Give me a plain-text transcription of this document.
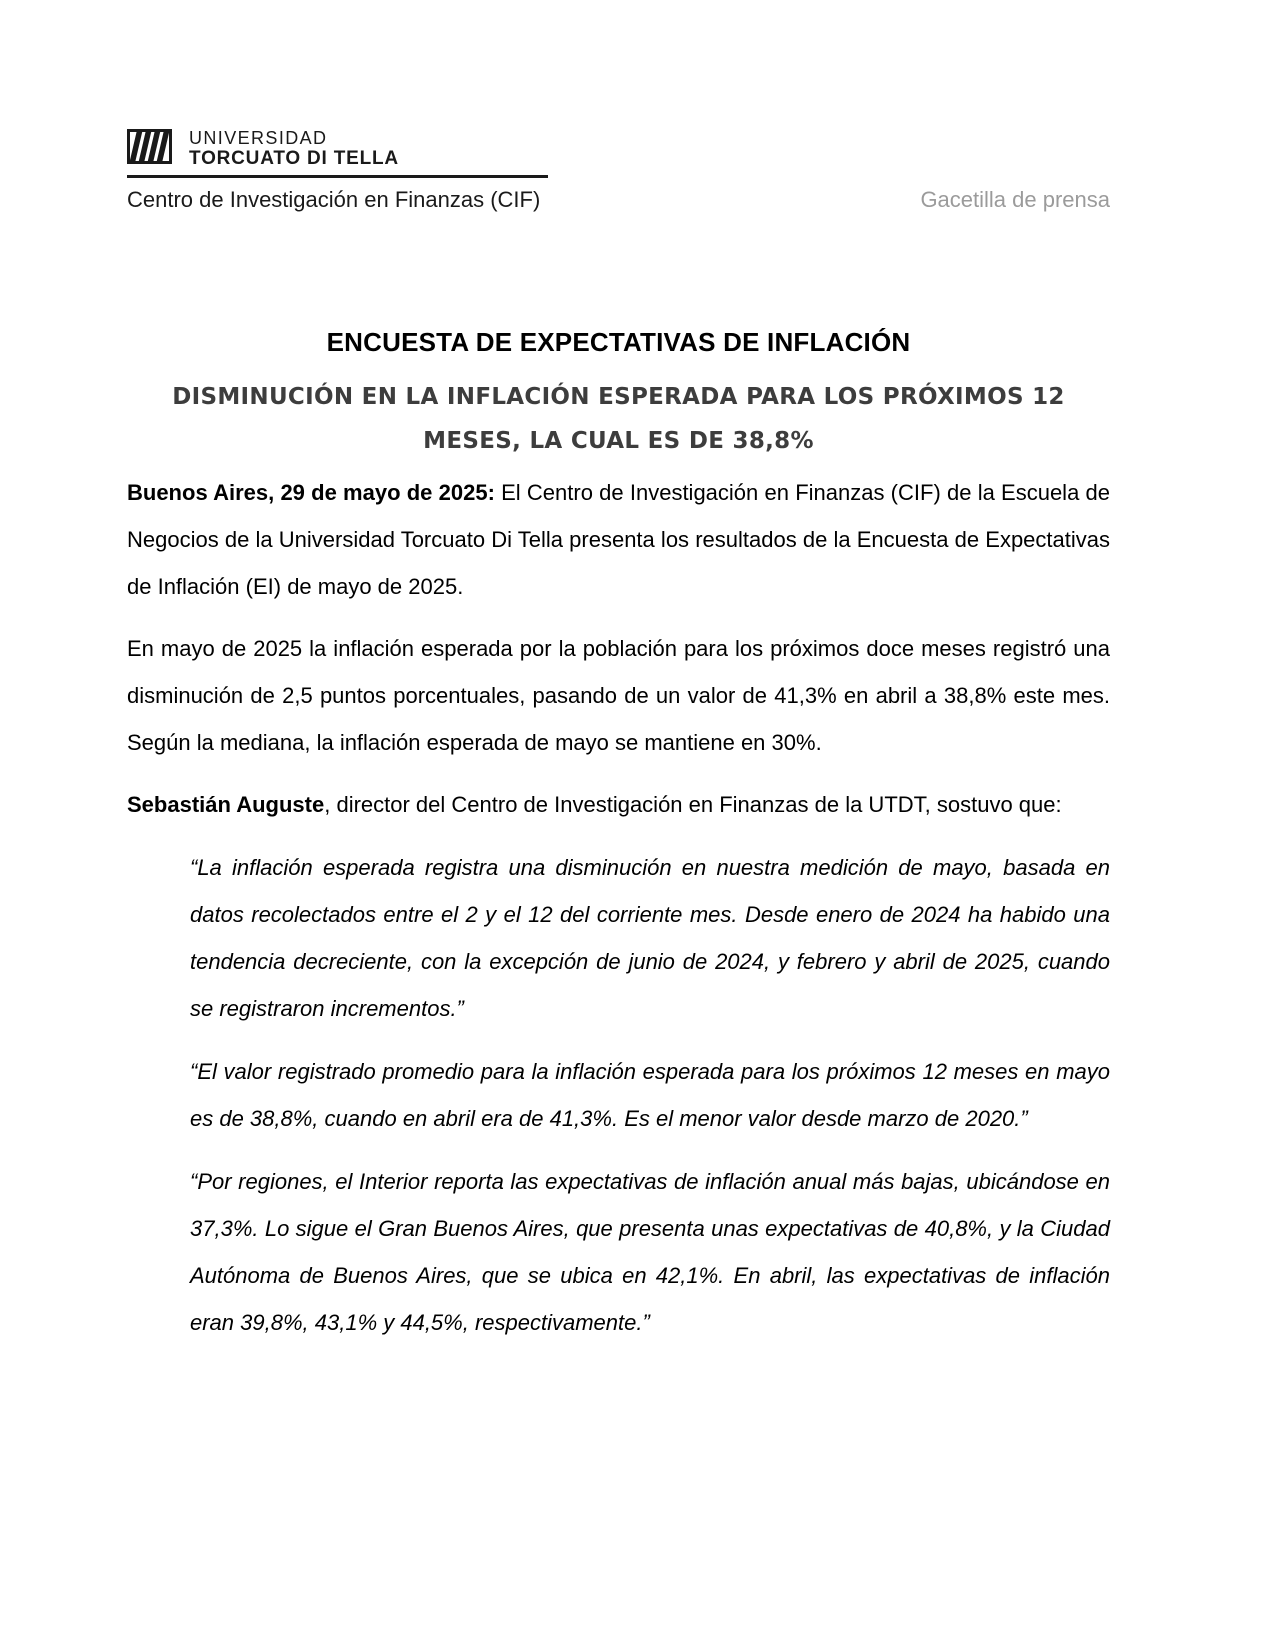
UNIVERSIDAD
TORCUATO DI TELLA
Centro de Investigación en Finanzas (CIF)	Gacetilla de prensa
ENCUESTA DE EXPECTATIVAS DE INFLACIÓN
DISMINUCIÓN EN LA INFLACIÓN ESPERADA PARA LOS PRÓXIMOS 12 MESES, LA CUAL ES DE 38,8%

Buenos Aires, 29 de mayo de 2025: El Centro de Investigación en Finanzas (CIF) de la Escuela de Negocios de la Universidad Torcuato Di Tella presenta los resultados de la Encuesta de Expectativas de Inflación (EI) de mayo de 2025.

En mayo de 2025 la inflación esperada por la población para los próximos doce meses registró una disminución de 2,5 puntos porcentuales, pasando de un valor de 41,3% en abril a 38,8% este mes. Según la mediana, la inflación esperada de mayo se mantiene en 30%.

Sebastián Auguste, director del Centro de Investigación en Finanzas de la UTDT, sostuvo que:

“La inflación esperada registra una disminución en nuestra medición de mayo, basada en datos recolectados entre el 2 y el 12 del corriente mes. Desde enero de 2024 ha habido una tendencia decreciente, con la excepción de junio de 2024, y febrero y abril de 2025, cuando se registraron incrementos.”

“El valor registrado promedio para la inflación esperada para los próximos 12 meses en mayo es de 38,8%, cuando en abril era de 41,3%. Es el menor valor desde marzo de 2020.”

“Por regiones, el Interior reporta las expectativas de inflación anual más bajas, ubicándose en 37,3%. Lo sigue el Gran Buenos Aires, que presenta unas expectativas de 40,8%, y la Ciudad Autónoma de Buenos Aires, que se ubica en 42,1%. En abril, las expectativas de inflación eran 39,8%, 43,1% y 44,5%, respectivamente.”
